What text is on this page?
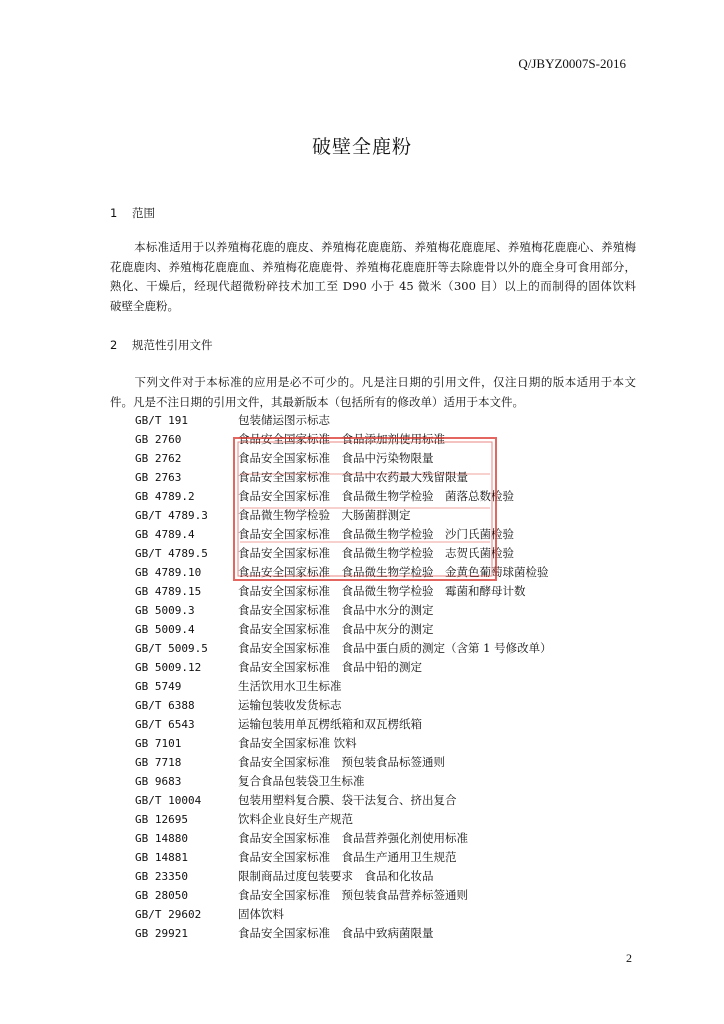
Q/JBYZ0007S-2016
破壁全鹿粉
1 范围
本标准适用于以养殖梅花鹿的鹿皮、养殖梅花鹿鹿筋、养殖梅花鹿鹿尾、养殖梅花鹿鹿心、养殖梅花鹿鹿肉、养殖梅花鹿鹿血、养殖梅花鹿鹿骨、养殖梅花鹿鹿肝等去除鹿骨以外的鹿全身可食用部分，熟化、干燥后，经现代超微粉碎技术加工至 D90 小于 45 微米（300 目）以上的而制得的固体饮料　破壁全鹿粉。
2 规范性引用文件
下列文件对于本标准的应用是必不可少的。凡是注日期的引用文件，仅注日期的版本适用于本文件。凡是不注日期的引用文件，其最新版本（包括所有的修改单）适用于本文件。
GB/T 191	包装储运图示标志
GB 2760	食品安全国家标准　食品添加剂使用标准
GB 2762	食品安全国家标准　食品中污染物限量
GB 2763	食品安全国家标准　食品中农药最大残留限量
GB 4789.2	食品安全国家标准　食品微生物学检验　菌落总数检验
GB/T 4789.3	食品微生物学检验　大肠菌群测定
GB 4789.4	食品安全国家标准　食品微生物学检验　沙门氏菌检验
GB/T 4789.5	食品安全国家标准　食品微生物学检验　志贺氏菌检验
GB 4789.10	食品安全国家标准　食品微生物学检验　金黄色葡萄球菌检验
GB 4789.15	食品安全国家标准　食品微生物学检验　霉菌和酵母计数
GB 5009.3	食品安全国家标准　食品中水分的测定
GB 5009.4	食品安全国家标准　食品中灰分的测定
GB/T 5009.5	食品安全国家标准　食品中蛋白质的测定（含第 1 号修改单）
GB 5009.12	食品安全国家标准　食品中铅的测定
GB 5749	生活饮用水卫生标准
GB/T 6388	运输包装收发货标志
GB/T 6543	运输包装用单瓦楞纸箱和双瓦楞纸箱
GB 7101	食品安全国家标准 饮料
GB 7718	食品安全国家标准　预包装食品标签通则
GB 9683	复合食品包装袋卫生标准
GB/T 10004	包装用塑料复合膜、袋干法复合、挤出复合
GB 12695	饮料企业良好生产规范
GB 14880	食品安全国家标准　食品营养强化剂使用标准
GB 14881	食品安全国家标准　食品生产通用卫生规范
GB 23350	限制商品过度包装要求　食品和化妆品
GB 28050	食品安全国家标准　预包装食品营养标签通则
GB/T 29602	固体饮料
GB 29921	食品安全国家标准　食品中致病菌限量
2
